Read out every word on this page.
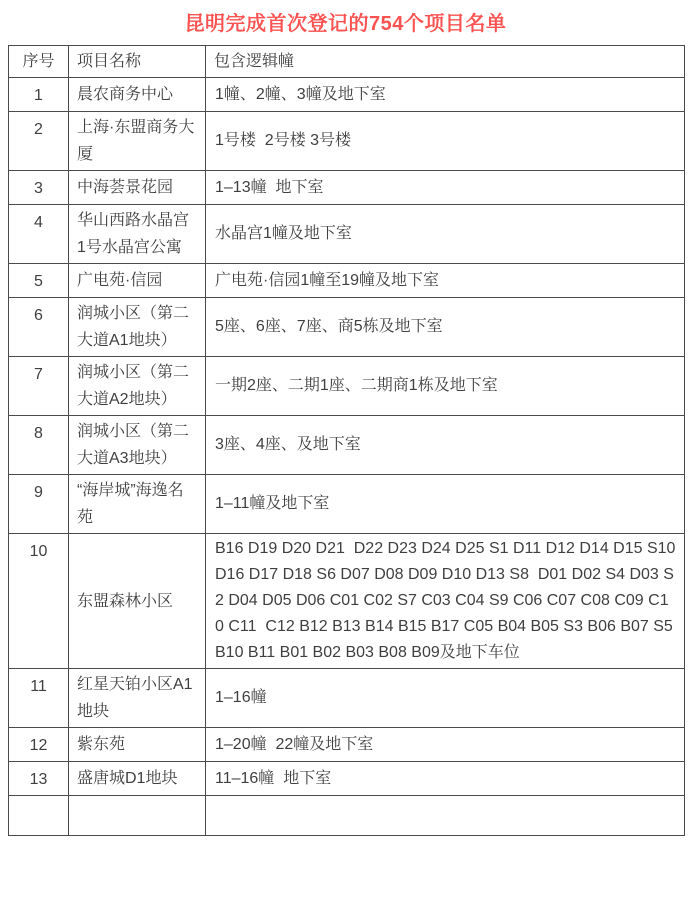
昆明完成首次登记的754个项目名单
序号	项目名称	包含逻辑幢
1	晨农商务中心	1幢、2幢、3幢及地下室
2	上海·东盟商务大厦	1号楼  2号楼 3号楼
3	中海荟景花园	1–13幢  地下室
4	华山西路水晶宫1号水晶宫公寓	水晶宫1幢及地下室
5	广电苑·信园	广电苑·信园1幢至19幢及地下室
6	润城小区（第二大道A1地块）	5座、6座、7座、商5栋及地下室
7	润城小区（第二大道A2地块）	一期2座、二期1座、二期商1栋及地下室
8	润城小区（第二大道A3地块）	3座、4座、及地下室
9	“海岸城”海逸名苑	1–11幢及地下室
10	东盟森林小区	B16 D19 D20 D21  D22 D23 D24 D25 S1 D11 D12 D14 D15 S10 D16 D17 D18 S6 D07 D08 D09 D10 D13 S8  D01 D02 S4 D03 S2 D04 D05 D06 C01 C02 S7 C03 C04 S9 C06 C07 C08 C09 C10 C11  C12 B12 B13 B14 B15 B17 C05 B04 B05 S3 B06 B07 S5 B10 B11 B01 B02 B03 B08 B09及地下车位
11	红星天铂小区A1地块	1–16幢
12	紫东苑	1–20幢  22幢及地下室
13	盛唐城D1地块	11–16幢  地下室
